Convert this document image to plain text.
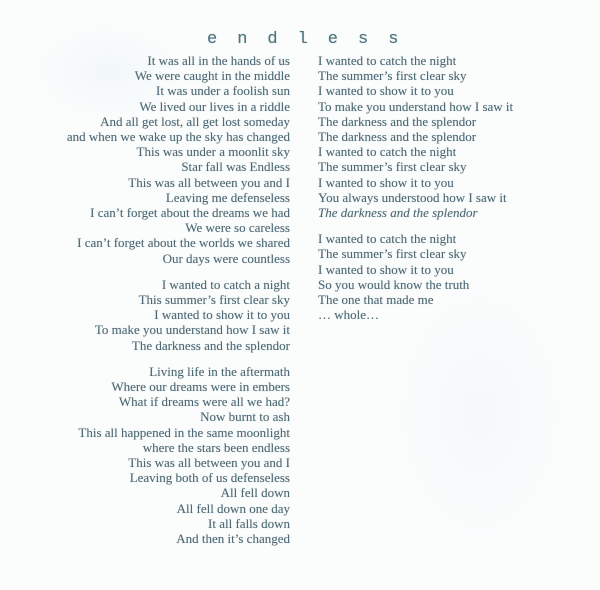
endless
It was all in the hands of us
We were caught in the middle
It was under a foolish sun
We lived our lives in a riddle
And all get lost, all get lost someday
and when we wake up the sky has changed
This was under a moonlit sky
Star fall was Endless
This was all between you and I
Leaving me defenseless
I can’t forget about the dreams we had
We were so careless
I can’t forget about the worlds we shared
Our days were countless
I wanted to catch a night
This summer’s first clear sky
I wanted to show it to you
To make you understand how I saw it
The darkness and the splendor
Living life in the aftermath
Where our dreams were in embers
What if dreams were all we had?
Now burnt to ash
This all happened in the same moonlight
where the stars been endless
This was all between you and I
Leaving both of us defenseless
All fell down
All fell down one day
It all falls down
And then it’s changed
I wanted to catch the night
The summer’s first clear sky
I wanted to show it to you
To make you understand how I saw it
The darkness and the splendor
The darkness and the splendor
I wanted to catch the night
The summer’s first clear sky
I wanted to show it to you
You always understood how I saw it
The darkness and the splendor
I wanted to catch the night
The summer’s first clear sky
I wanted to show it to you
So you would know the truth
The one that made me
… whole…
